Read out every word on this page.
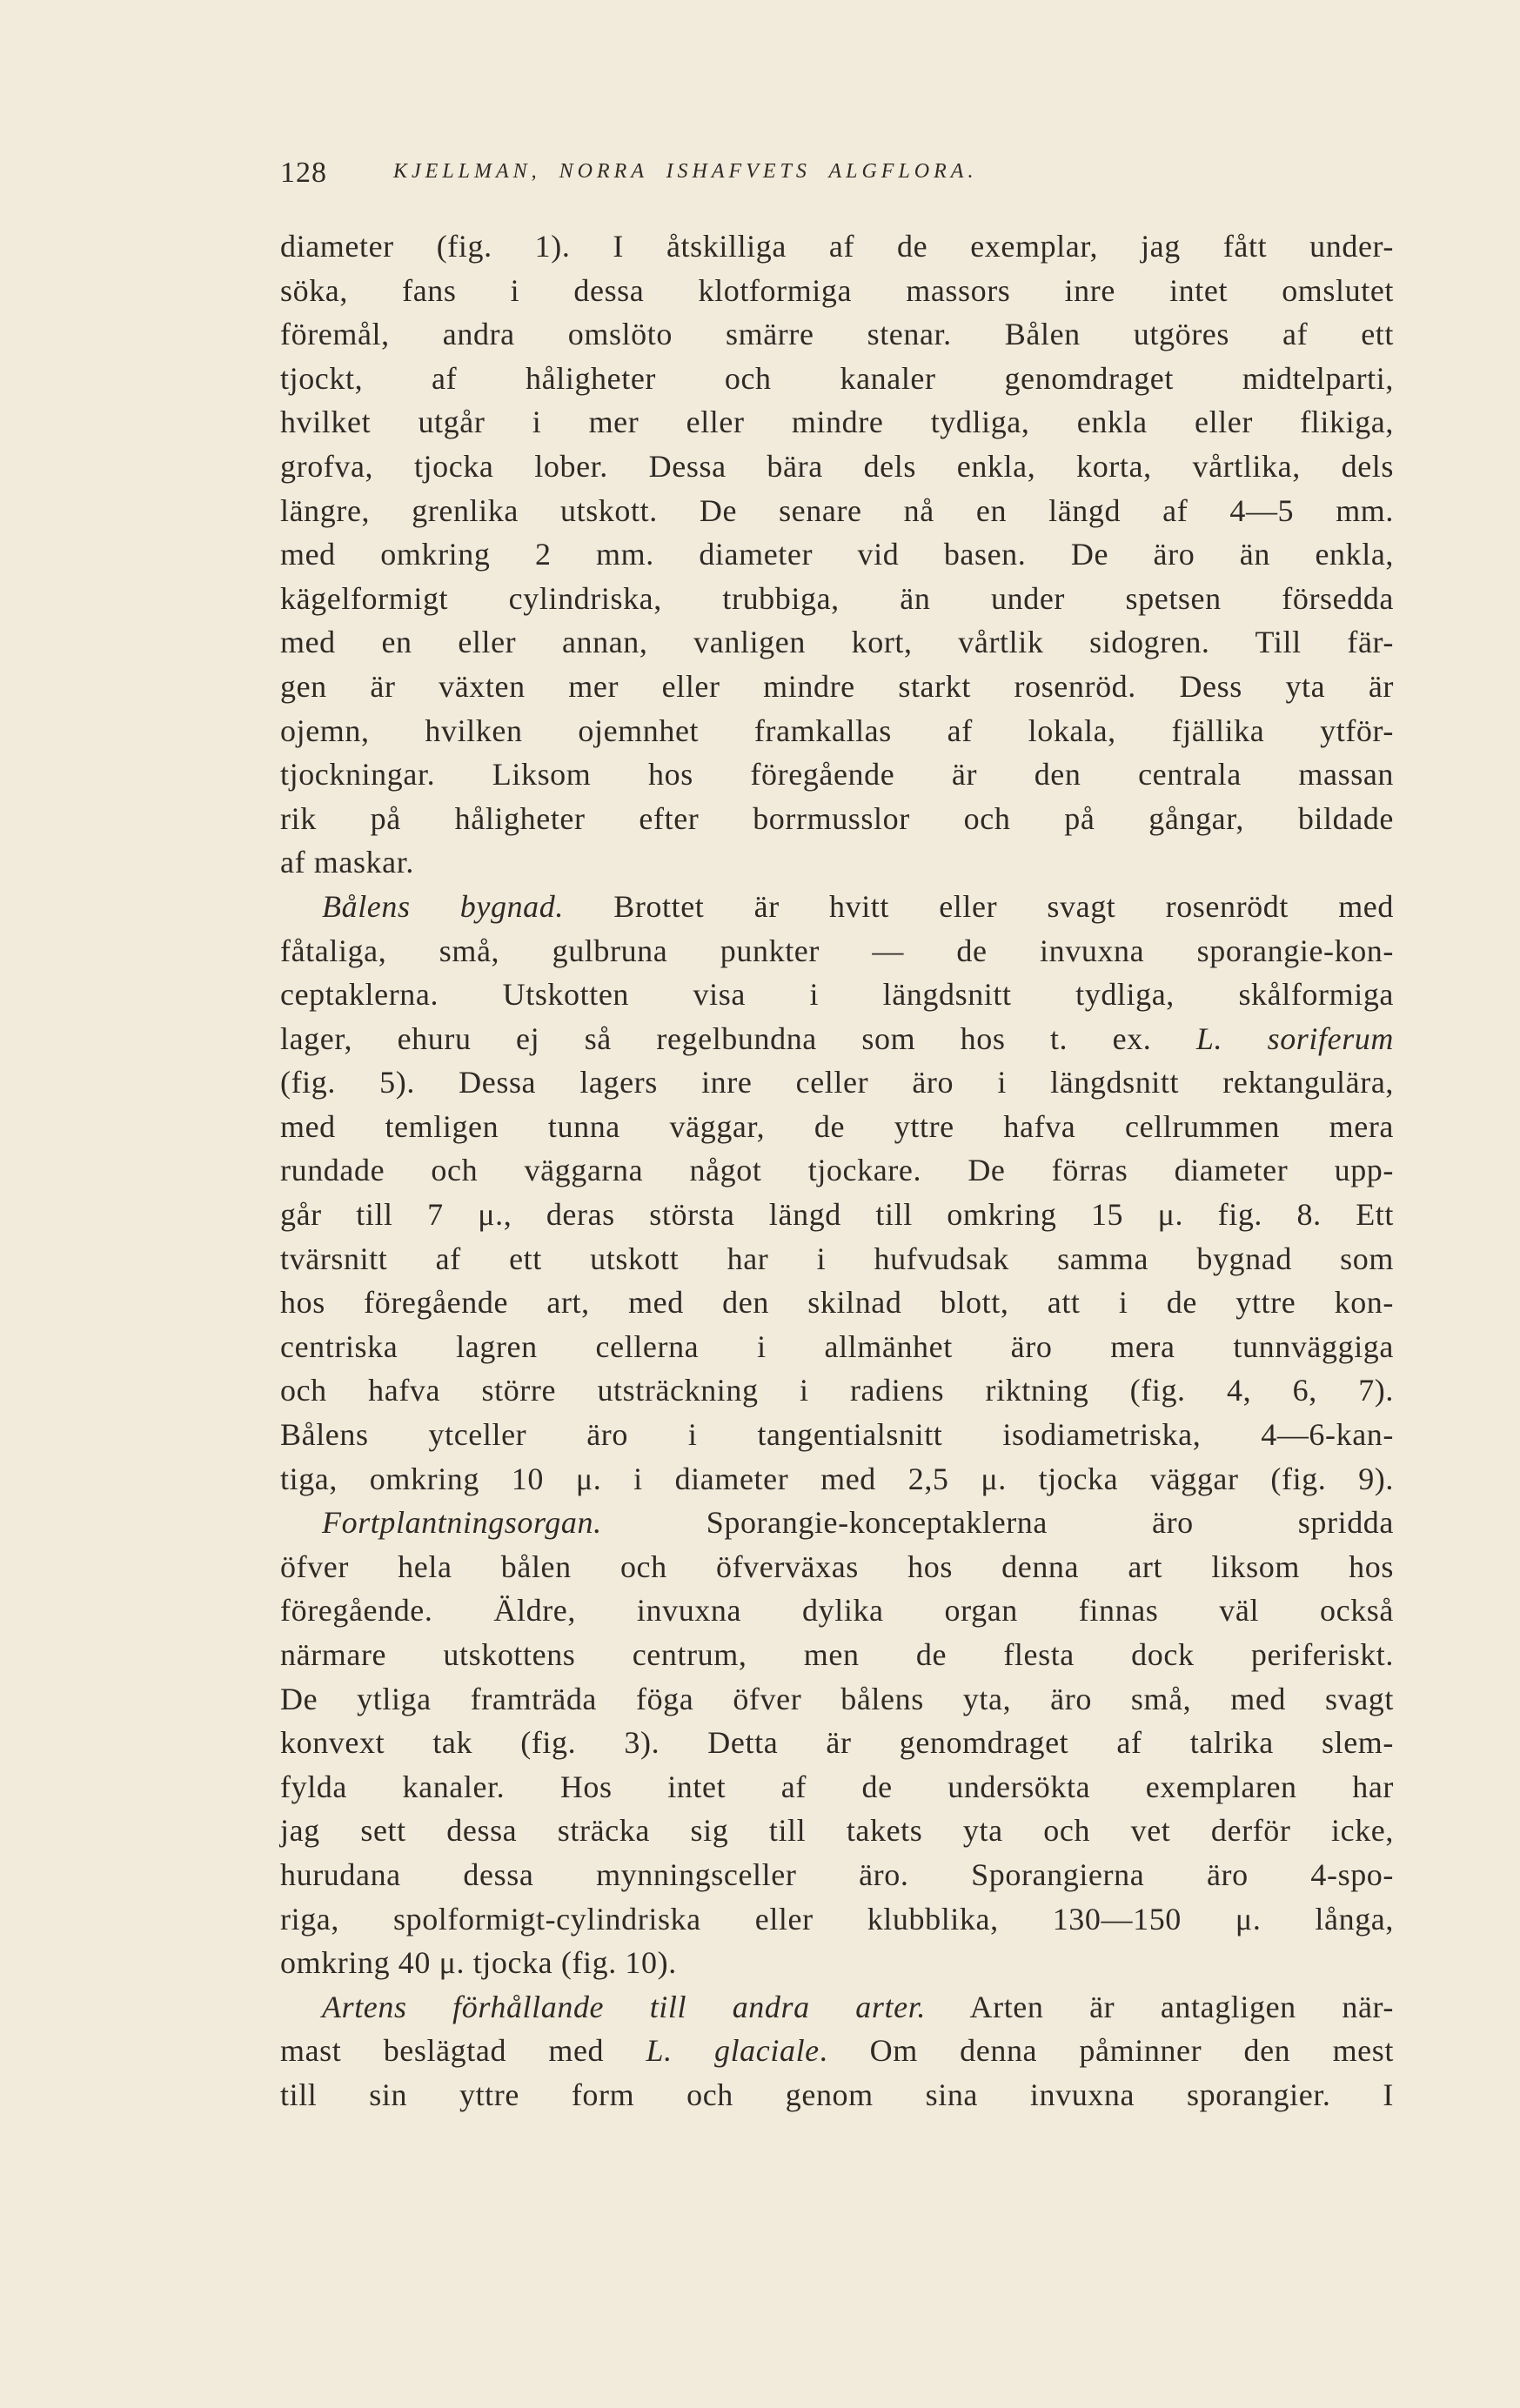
128	KJELLMAN, NORRA ISHAFVETS ALGFLORA.
diameter (fig. 1). I åtskilliga af de exemplar, jag fått under-
söka, fans i dessa klotformiga massors inre intet omslutet
föremål, andra omslöto smärre stenar. Bålen utgöres af ett
tjockt, af håligheter och kanaler genomdraget midtelparti,
hvilket utgår i mer eller mindre tydliga, enkla eller flikiga,
grofva, tjocka lober. Dessa bära dels enkla, korta, vårtlika, dels
längre, grenlika utskott. De senare nå en längd af 4—5 mm.
med omkring 2 mm. diameter vid basen. De äro än enkla,
kägelformigt cylindriska, trubbiga, än under spetsen försedda
med en eller annan, vanligen kort, vårtlik sidogren. Till fär-
gen är växten mer eller mindre starkt rosenröd. Dess yta är
ojemn, hvilken ojemnhet framkallas af lokala, fjällika ytför-
tjockningar. Liksom hos föregående är den centrala massan
rik på håligheter efter borrmusslor och på gångar, bildade
af maskar.
Bålens bygnad. Brottet är hvitt eller svagt rosenrödt med
fåtaliga, små, gulbruna punkter — de invuxna sporangie-kon-
ceptaklerna. Utskotten visa i längdsnitt tydliga, skålformiga
lager, ehuru ej så regelbundna som hos t. ex. L. soriferum
(fig. 5). Dessa lagers inre celler äro i längdsnitt rektangulära,
med temligen tunna väggar, de yttre hafva cellrummen mera
rundade och väggarna något tjockare. De förras diameter upp-
går till 7 μ., deras största längd till omkring 15 μ. fig. 8. Ett
tvärsnitt af ett utskott har i hufvudsak samma bygnad som
hos föregående art, med den skilnad blott, att i de yttre kon-
centriska lagren cellerna i allmänhet äro mera tunnväggiga
och hafva större utsträckning i radiens riktning (fig. 4, 6, 7).
Bålens ytceller äro i tangentialsnitt isodiametriska, 4—6-kan-
tiga, omkring 10 μ. i diameter med 2,5 μ. tjocka väggar (fig. 9).
Fortplantningsorgan. Sporangie-konceptaklerna äro spridda
öfver hela bålen och öfverväxas hos denna art liksom hos
föregående. Äldre, invuxna dylika organ finnas väl också
närmare utskottens centrum, men de flesta dock periferiskt.
De ytliga framträda föga öfver bålens yta, äro små, med svagt
konvext tak (fig. 3). Detta är genomdraget af talrika slem-
fylda kanaler. Hos intet af de undersökta exemplaren har
jag sett dessa sträcka sig till takets yta och vet derför icke,
hurudana dessa mynningsceller äro. Sporangierna äro 4-spo-
riga, spolformigt-cylindriska eller klubblika, 130—150 μ. långa,
omkring 40 μ. tjocka (fig. 10).
Artens förhållande till andra arter. Arten är antagligen när-
mast beslägtad med L. glaciale. Om denna påminner den mest
till sin yttre form och genom sina invuxna sporangier. I
